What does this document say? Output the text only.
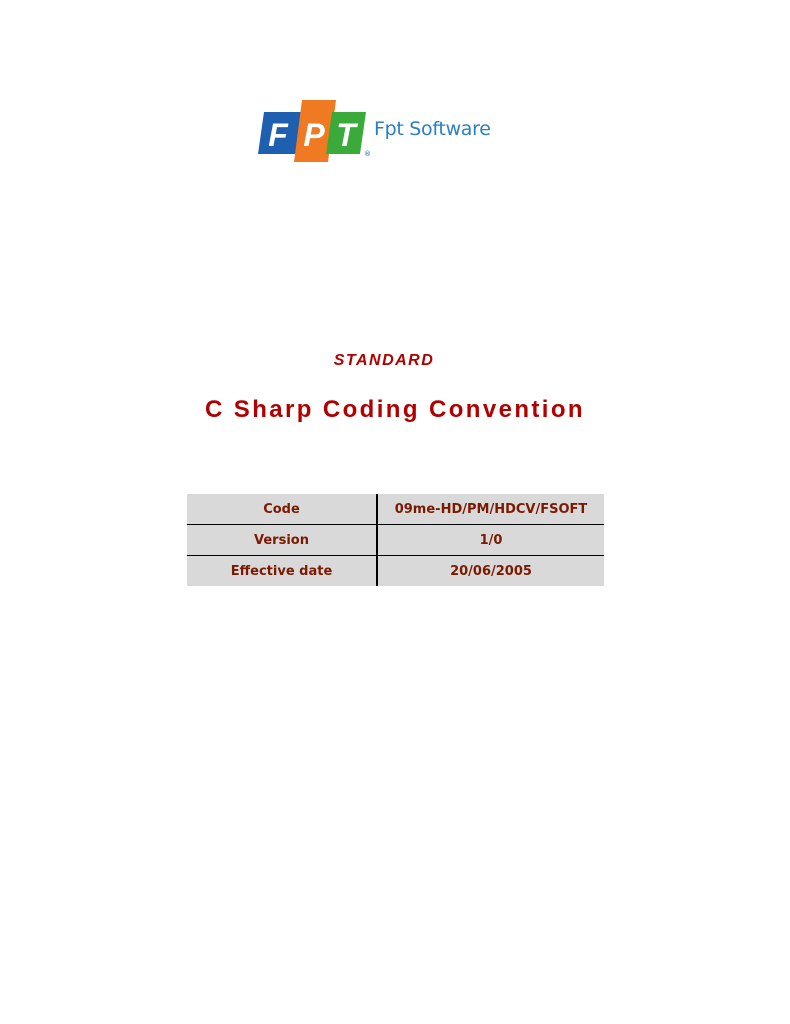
F P T
®
Fpt Software
STANDARD
C Sharp Coding Convention
Code	09me-HD/PM/HDCV/FSOFT
Version	1/0
Effective date	20/06/2005
